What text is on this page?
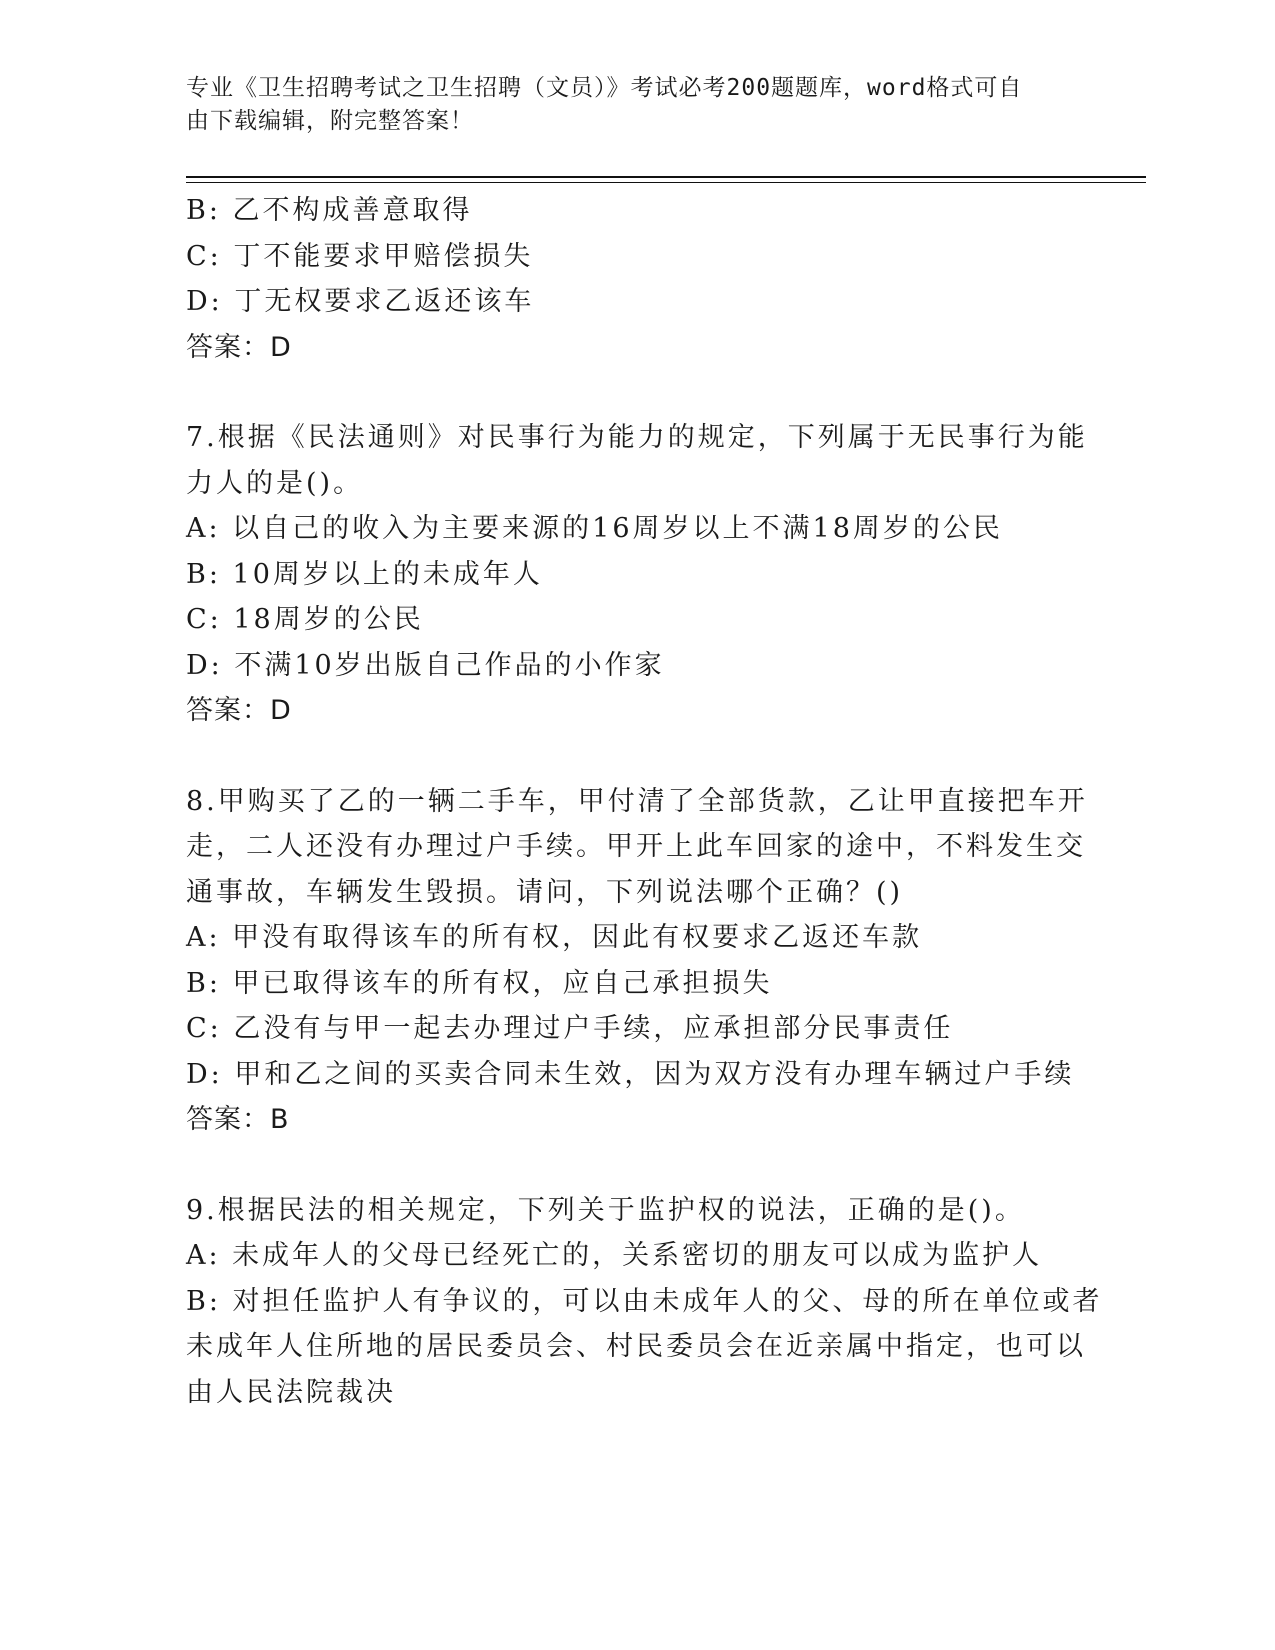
专业《卫生招聘考试之卫生招聘（文员）》考试必考200题题库，word格式可自
由下载编辑，附完整答案！
B: 乙不构成善意取得
C: 丁不能要求甲赔偿损失
D: 丁无权要求乙返还该车
答案：D
7.根据《民法通则》对民事行为能力的规定，下列属于无民事行为能
力人的是()。
A: 以自己的收入为主要来源的16周岁以上不满18周岁的公民
B: 10周岁以上的未成年人
C: 18周岁的公民
D: 不满10岁出版自己作品的小作家
答案：D
8.甲购买了乙的一辆二手车，甲付清了全部货款，乙让甲直接把车开
走，二人还没有办理过户手续。甲开上此车回家的途中，不料发生交
通事故，车辆发生毁损。请问，下列说法哪个正确？()
A: 甲没有取得该车的所有权，因此有权要求乙返还车款
B: 甲已取得该车的所有权，应自己承担损失
C: 乙没有与甲一起去办理过户手续，应承担部分民事责任
D: 甲和乙之间的买卖合同未生效，因为双方没有办理车辆过户手续
答案：B
9.根据民法的相关规定，下列关于监护权的说法，正确的是()。
A: 未成年人的父母已经死亡的，关系密切的朋友可以成为监护人
B: 对担任监护人有争议的，可以由未成年人的父、母的所在单位或者
未成年人住所地的居民委员会、村民委员会在近亲属中指定，也可以
由人民法院裁决
